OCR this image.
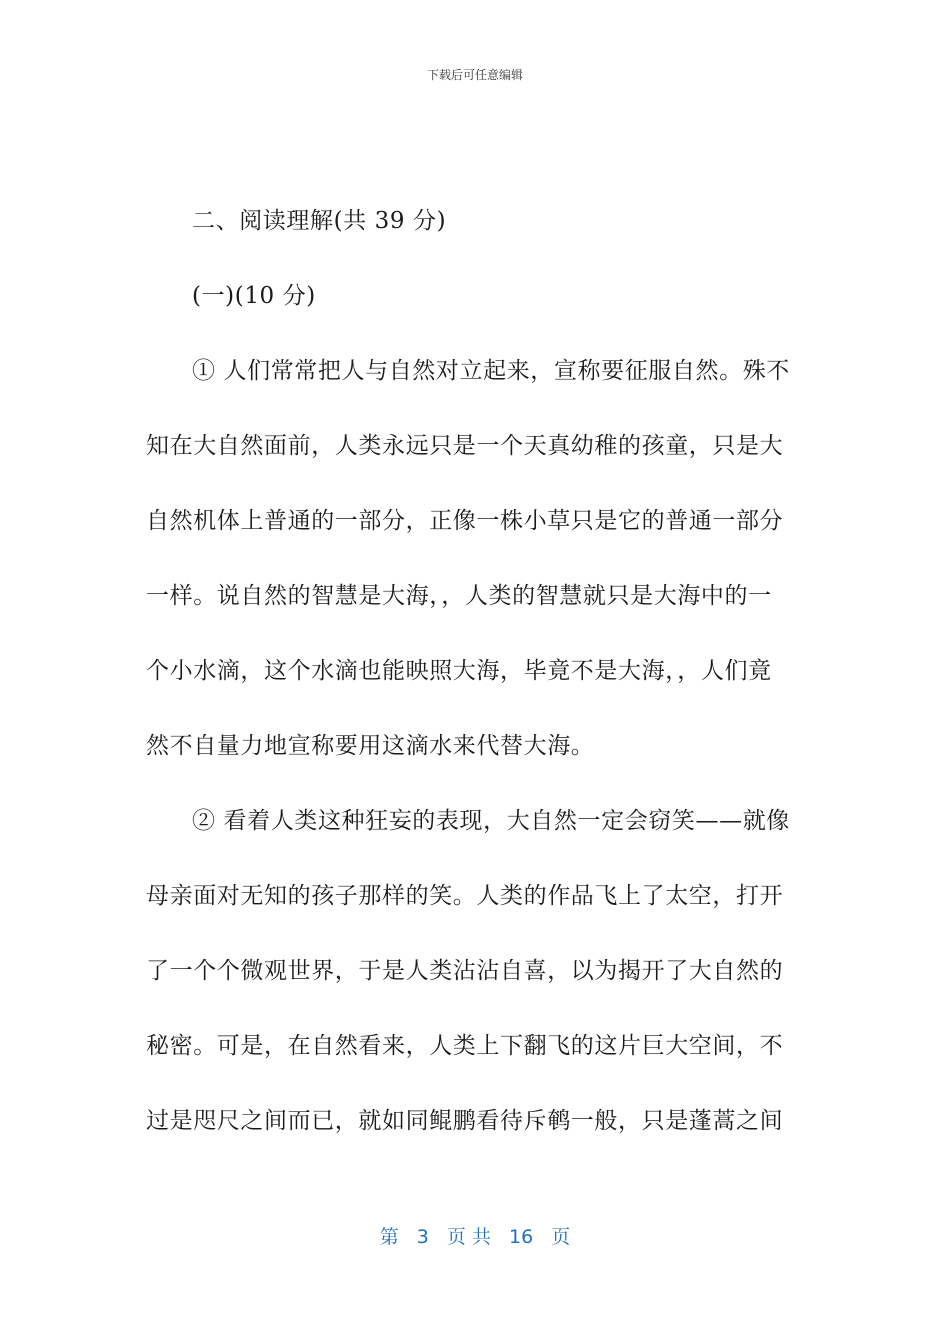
下载后可任意编辑
二、阅读理解(共 39 分)
(一)(10 分)
① 人们常常把人与自然对立起来，宣称要征服自然。殊不
知在大自然面前，人类永远只是一个天真幼稚的孩童，只是大
自然机体上普通的一部分，正像一株小草只是它的普通一部分
一样。说自然的智慧是大海，，人类的智慧就只是大海中的一
个小水滴，这个水滴也能映照大海，毕竟不是大海，，人们竟
然不自量力地宣称要用这滴水来代替大海。
② 看着人类这种狂妄的表现，大自然一定会窃笑——就像
母亲面对无知的孩子那样的笑。人类的作品飞上了太空，打开
了一个个微观世界，于是人类沾沾自喜，以为揭开了大自然的
秘密。可是，在自然看来，人类上下翻飞的这片巨大空间，不
过是咫尺之间而已，就如同鲲鹏看待斥鹌一般，只是蓬蒿之间
第 3 页 共 16 页
